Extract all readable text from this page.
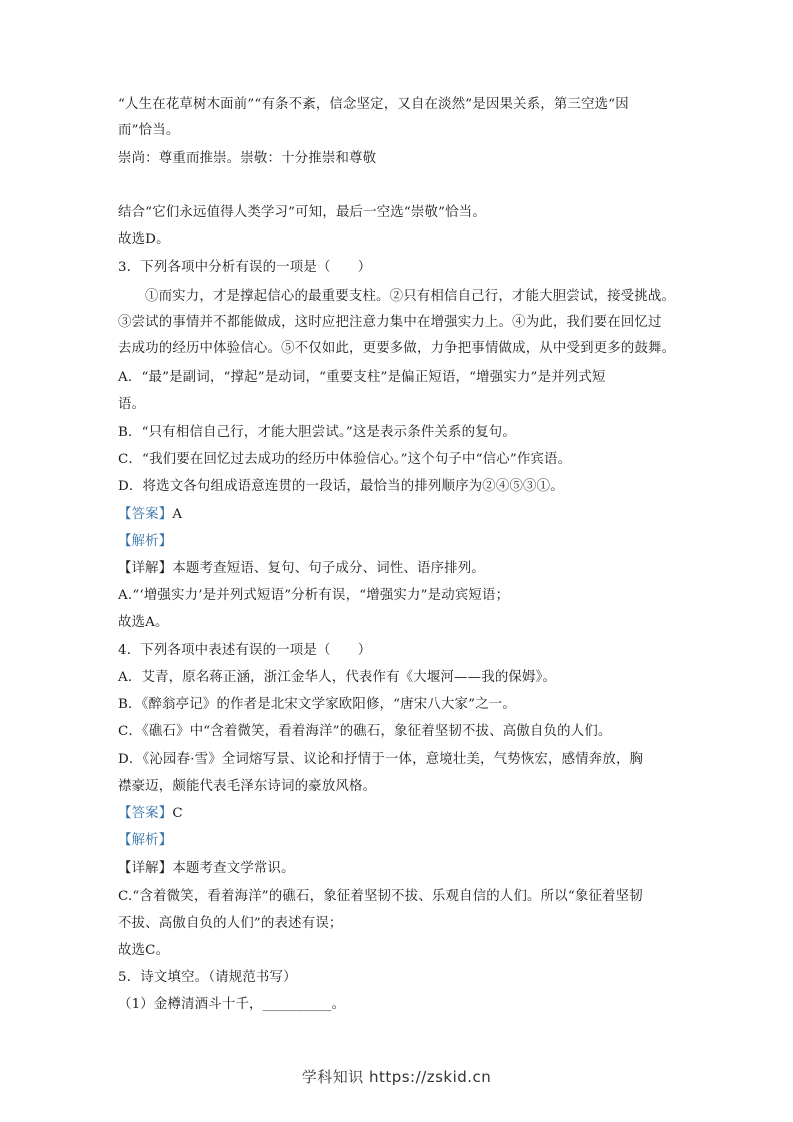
“人生在花草树木面前”“有条不紊，信念坚定，又自在淡然”是因果关系，第三空选“因
而”恰当。
崇尚：尊重而推崇。崇敬：十分推崇和尊敬
结合“它们永远值得人类学习”可知，最后一空选“崇敬”恰当。
故选D。
3．下列各项中分析有误的一项是（　　）
①而实力，才是撑起信心的最重要支柱。②只有相信自己行，才能大胆尝试，接受挑战。
③尝试的事情并不都能做成，这时应把注意力集中在增强实力上。④为此，我们要在回忆过
去成功的经历中体验信心。⑤不仅如此，更要多做，力争把事情做成，从中受到更多的鼓舞。
A．“最”是副词，“撑起”是动词，“重要支柱”是偏正短语，“增强实力”是并列式短
语。
B．“只有相信自己行，才能大胆尝试。”这是表示条件关系的复句。
C．“我们要在回忆过去成功的经历中体验信心。”这个句子中“信心”作宾语。
D．将选文各句组成语意连贯的一段话，最恰当的排列顺序为②④⑤③①。
【答案】A
【解析】
【详解】本题考查短语、复句、句子成分、词性、语序排列。
A.“‘增强实力’是并列式短语”分析有误，“增强实力”是动宾短语；
故选A。
4．下列各项中表述有误的一项是（　　）
A．艾青，原名蒋正涵，浙江金华人，代表作有《大堰河——我的保姆》。
B．《醉翁亭记》的作者是北宋文学家欧阳修，“唐宋八大家”之一。
C．《礁石》中“含着微笑，看着海洋”的礁石，象征着坚韧不拔、高傲自负的人们。
D．《沁园春·雪》全词熔写景、议论和抒情于一体，意境壮美，气势恢宏，感情奔放，胸
襟豪迈，颇能代表毛泽东诗词的豪放风格。
【答案】C
【解析】
【详解】本题考查文学常识。
C.“含着微笑，看着海洋”的礁石，象征着坚韧不拔、乐观自信的人们。所以“象征着坚韧
不拔、高傲自负的人们”的表述有误；
故选C。
5．诗文填空。（请规范书写）
（1）金樽清酒斗十千，__________。
学科知识 https://zskid.cn
